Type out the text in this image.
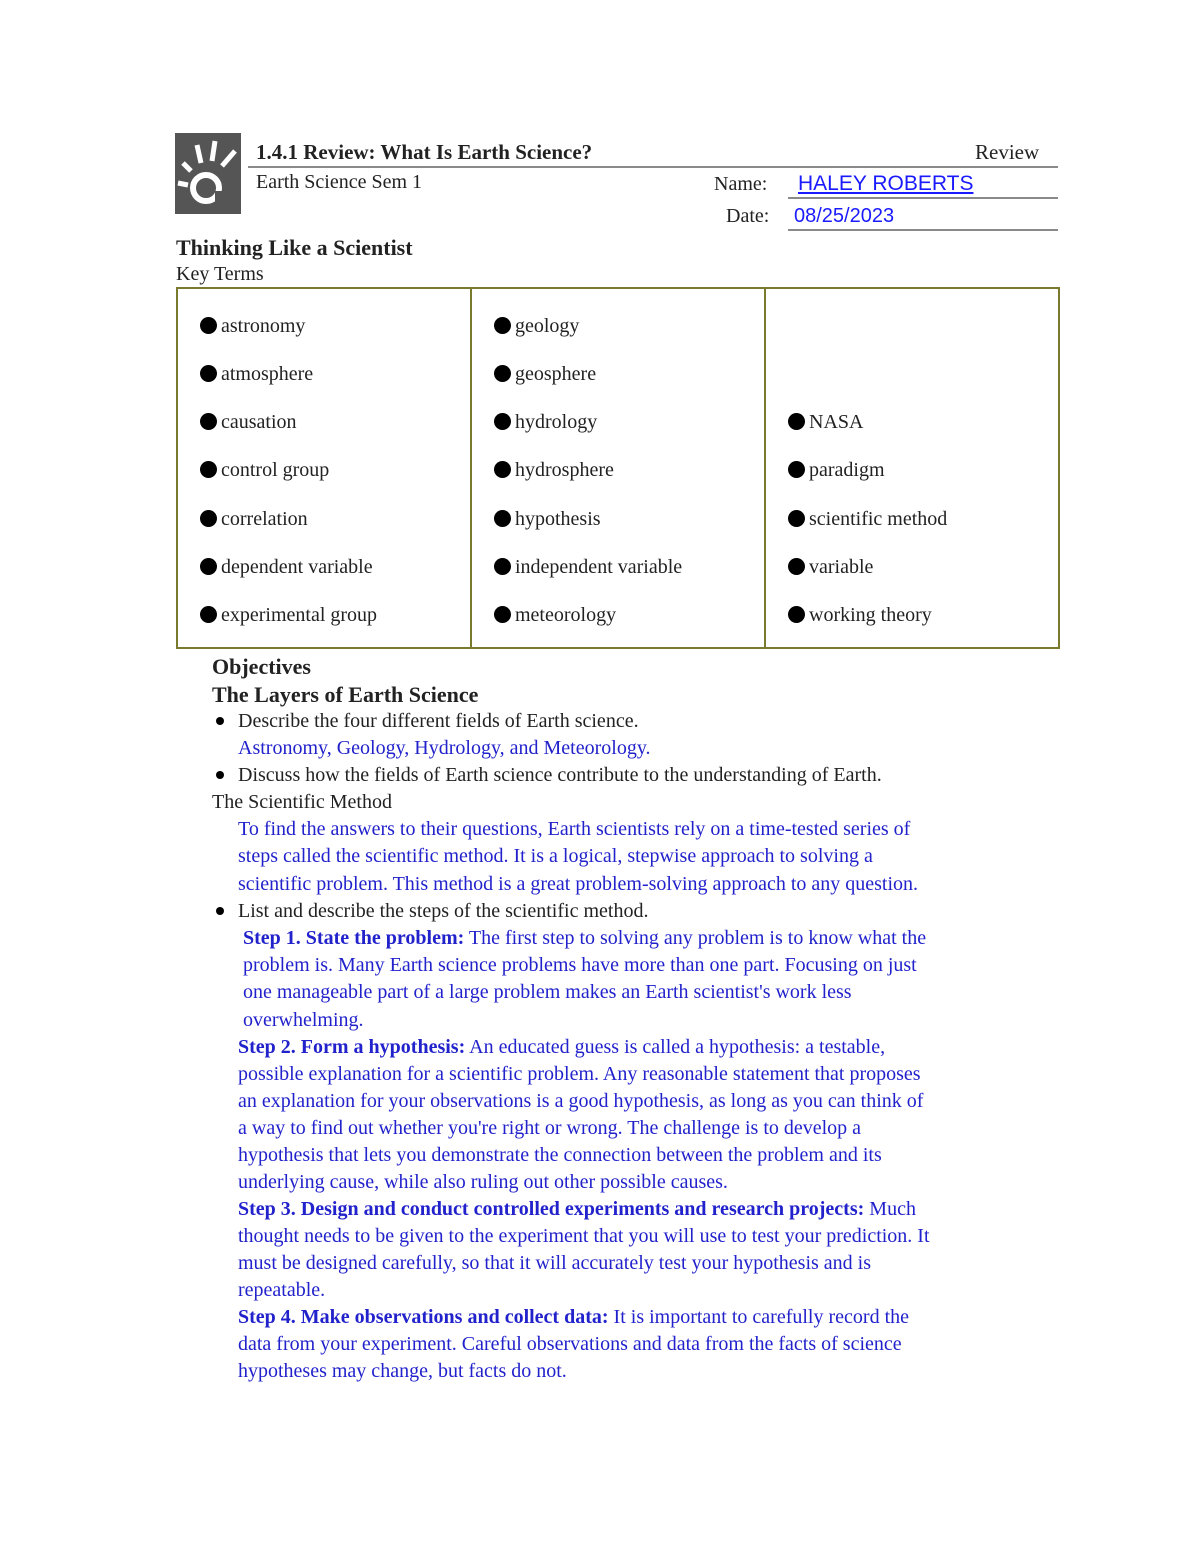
1.4.1 Review: What Is Earth Science?	Review
Earth Science Sem 1	Name: HALEY ROBERTS
Date: 08/25/2023
Thinking Like a Scientist
Key Terms
astronomy
atmosphere
causation
control group
correlation
dependent variable
experimental group
geology
geosphere
hydrology
hydrosphere
hypothesis
independent variable
meteorology
NASA
paradigm
scientific method
variable
working theory
Objectives
The Layers of Earth Science
Describe the four different fields of Earth science.
Astronomy, Geology, Hydrology, and Meteorology.
Discuss how the fields of Earth science contribute to the understanding of Earth.
The Scientific Method
To find the answers to their questions, Earth scientists rely on a time-tested series of
steps called the scientific method. It is a logical, stepwise approach to solving a
scientific problem. This method is a great problem-solving approach to any question.
List and describe the steps of the scientific method.
Step 1. State the problem: The first step to solving any problem is to know what the
problem is. Many Earth science problems have more than one part. Focusing on just
one manageable part of a large problem makes an Earth scientist's work less
overwhelming.
Step 2. Form a hypothesis: An educated guess is called a hypothesis: a testable,
possible explanation for a scientific problem. Any reasonable statement that proposes
an explanation for your observations is a good hypothesis, as long as you can think of
a way to find out whether you're right or wrong. The challenge is to develop a
hypothesis that lets you demonstrate the connection between the problem and its
underlying cause, while also ruling out other possible causes.
Step 3. Design and conduct controlled experiments and research projects: Much
thought needs to be given to the experiment that you will use to test your prediction. It
must be designed carefully, so that it will accurately test your hypothesis and is
repeatable.
Step 4. Make observations and collect data: It is important to carefully record the
data from your experiment. Careful observations and data from the facts of science
hypotheses may change, but facts do not.
